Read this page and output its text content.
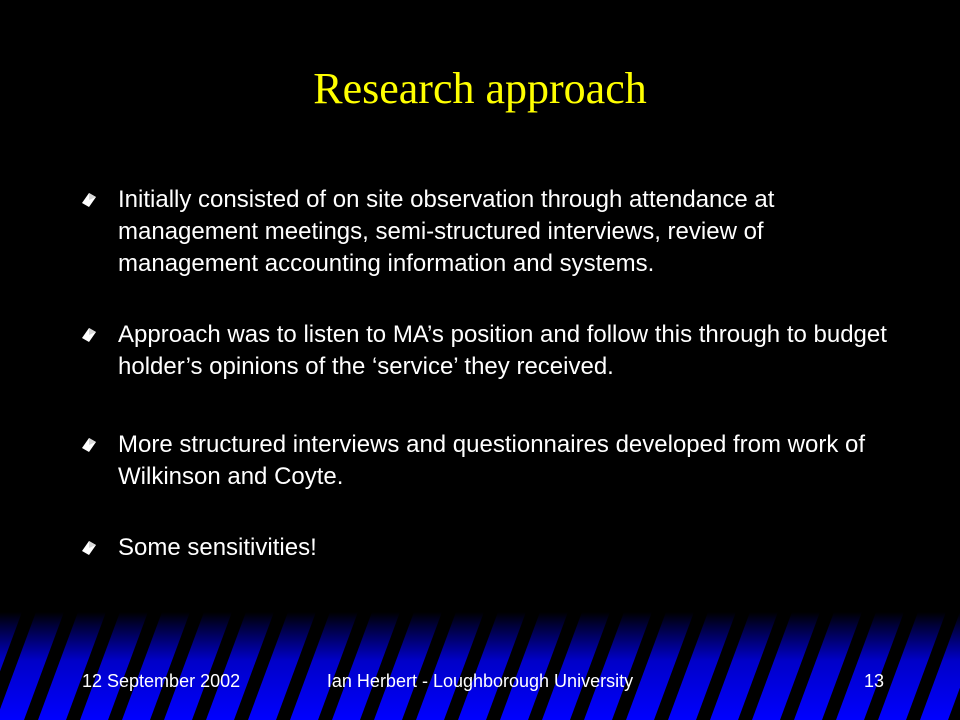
Research approach
Initially consisted of on site observation through attendance at management meetings, semi-structured interviews, review of management accounting information and systems.
Approach was to listen to MA’s position and follow this through to budget holder’s opinions of the ‘service’ they received.
More structured interviews and questionnaires developed from work of Wilkinson and Coyte.
Some sensitivities!
12 September 2002	Ian Herbert - Loughborough University	13
